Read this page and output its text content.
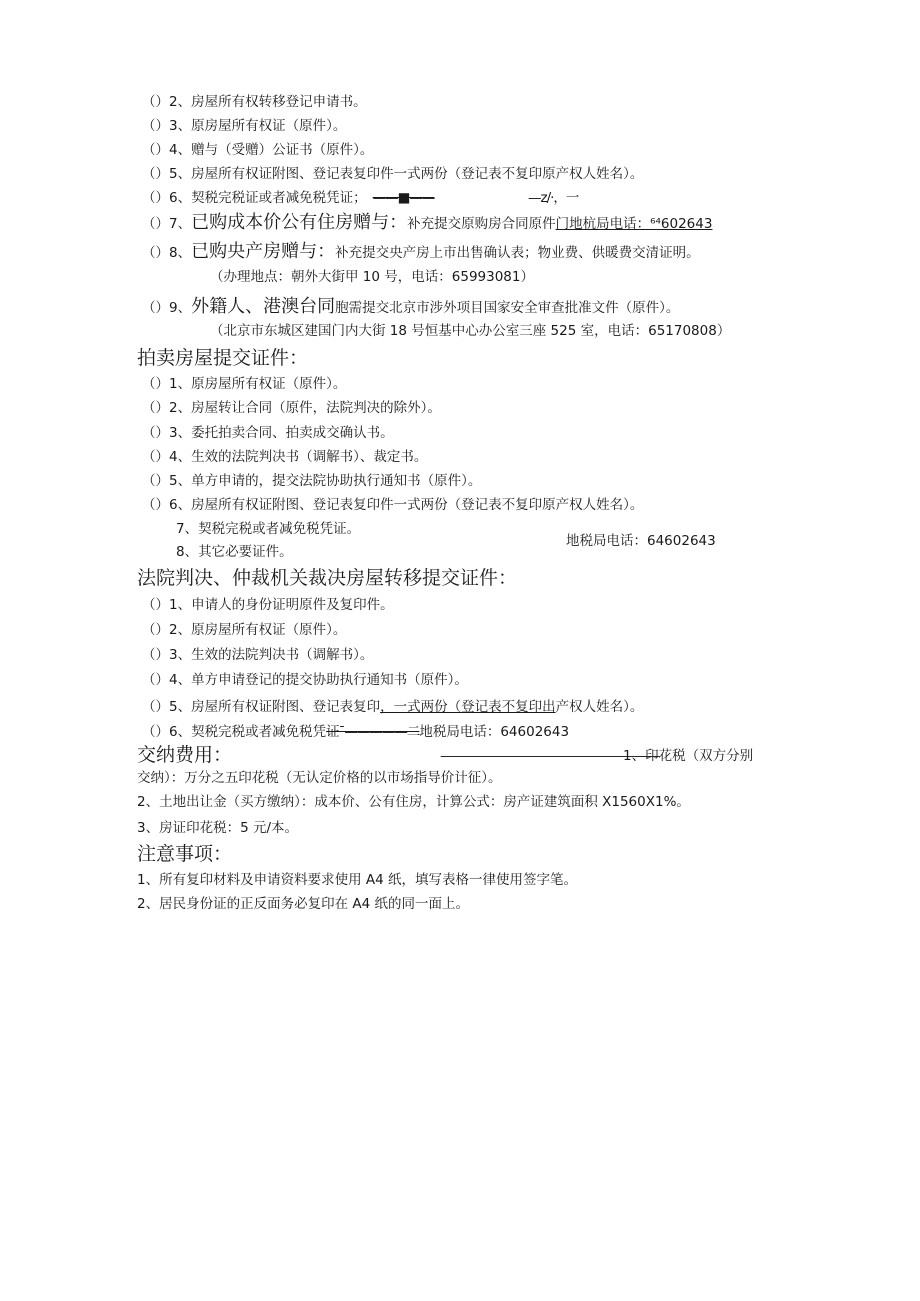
（）2、房屋所有权转移登记申请书。
（）3、原房屋所有权证（原件）。
（）4、赠与（受赠）公证书（原件）。
（）5、房屋所有权证附图、登记表复印件一式两份（登记表不复印原产权人姓名）。
（）6、契税完税证或者减免税凭证； ——■——	—z/·，一
（）7、已购成本价公有住房赠与：补充提交原购房合同原件门地杭局电话：⁶⁴602643
（）8、已购央产房赠与：补充提交央产房上市出售确认表；物业费、供暖费交清证明。
（办理地点：朝外大街甲 10 号，电话：65993081）
（）9、外籍人、港澳台同胞需提交北京市涉外项目国家安全审查批准文件（原件）。
（北京市东城区建国门内大街 18 号恒基中心办公室三座 525 室，电话：65170808）
拍卖房屋提交证件：
（）1、原房屋所有权证（原件）。
（）2、房屋转让合同（原件，法院判决的除外）。
（）3、委托拍卖合同、拍卖成交确认书。
（）4、生效的法院判决书（调解书）、裁定书。
（）5、单方申请的，提交法院协助执行通知书（原件）。
（）6、房屋所有权证附图、登记表复印件一式两份（登记表不复印原产权人姓名）。
7、契税完税或者减免税凭证。
地税局电话：64602643
8、其它必要证件。
法院判决、仲裁机关裁决房屋转移提交证件：
（）1、申请人的身份证明原件及复印件。
（）2、原房屋所有权证（原件）。
（）3、生效的法院判决书（调解书）。
（）4、单方申请登记的提交协助执行通知书（原件）。
（）5、房屋所有权证附图、登记表复印，一式两份（登记表不复印出产权人姓名）。
（）6、契税完税或者减免税凭证ˉ—————二地税局电话：64602643
交纳费用：	———————————————————
1、印花税（双方分别
交纳）：万分之五印花税（无认定价格的以市场指导价计征）。
2、土地出让金（买方缴纳）：成本价、公有住房，计算公式：房产证建筑面积 X1560X1%。
3、房证印花税：5 元/本。
注意事项：
1、所有复印材料及申请资料要求使用 A4 纸，填写表格一律使用签字笔。
2、居民身份证的正反面务必复印在 A4 纸的同一面上。
